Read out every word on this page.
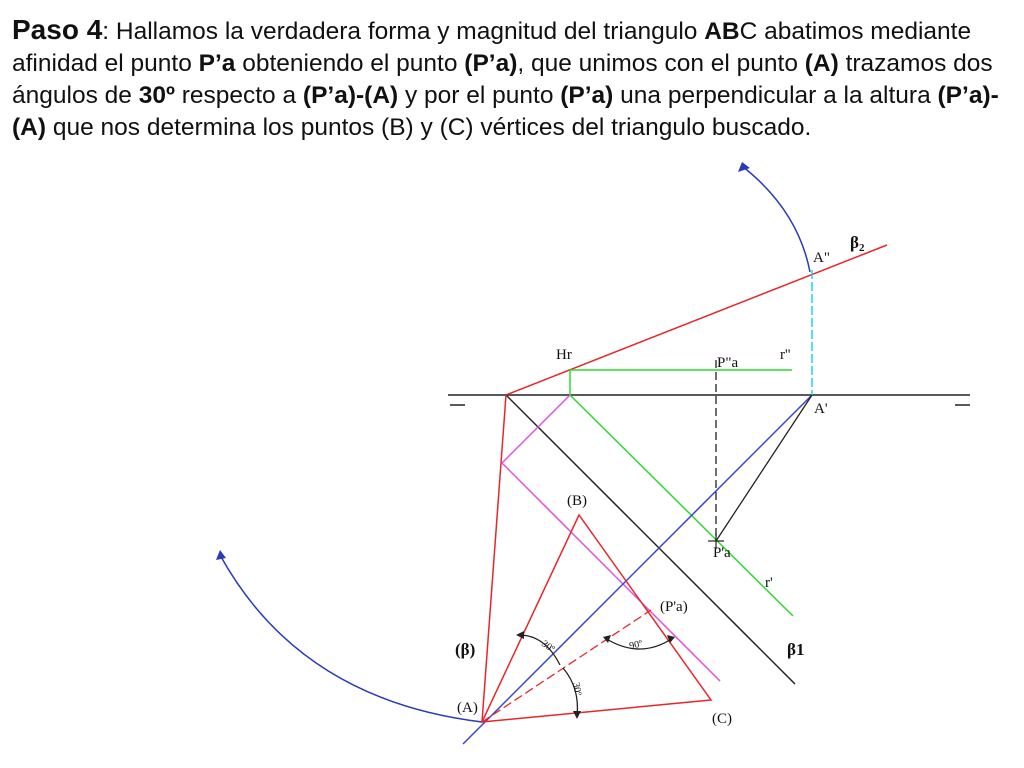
Paso 4: Hallamos la verdadera forma y magnitud del triangulo ABC abatimos mediante afinidad el punto P’a obteniendo el punto (P’a), que unimos con el punto (A) trazamos dos ángulos de 30º respecto a (P’a)-(A) y por el punto (P’a) una perpendicular a la altura (P’a)-(A) que nos determina los puntos (B) y (C) vértices del triangulo buscado.
A"
β2
Hr	P"a	r''
A'
(B)
P'a
r'
(P'a)
(β)	β1
90º
30º
30º
(A)
(C)
